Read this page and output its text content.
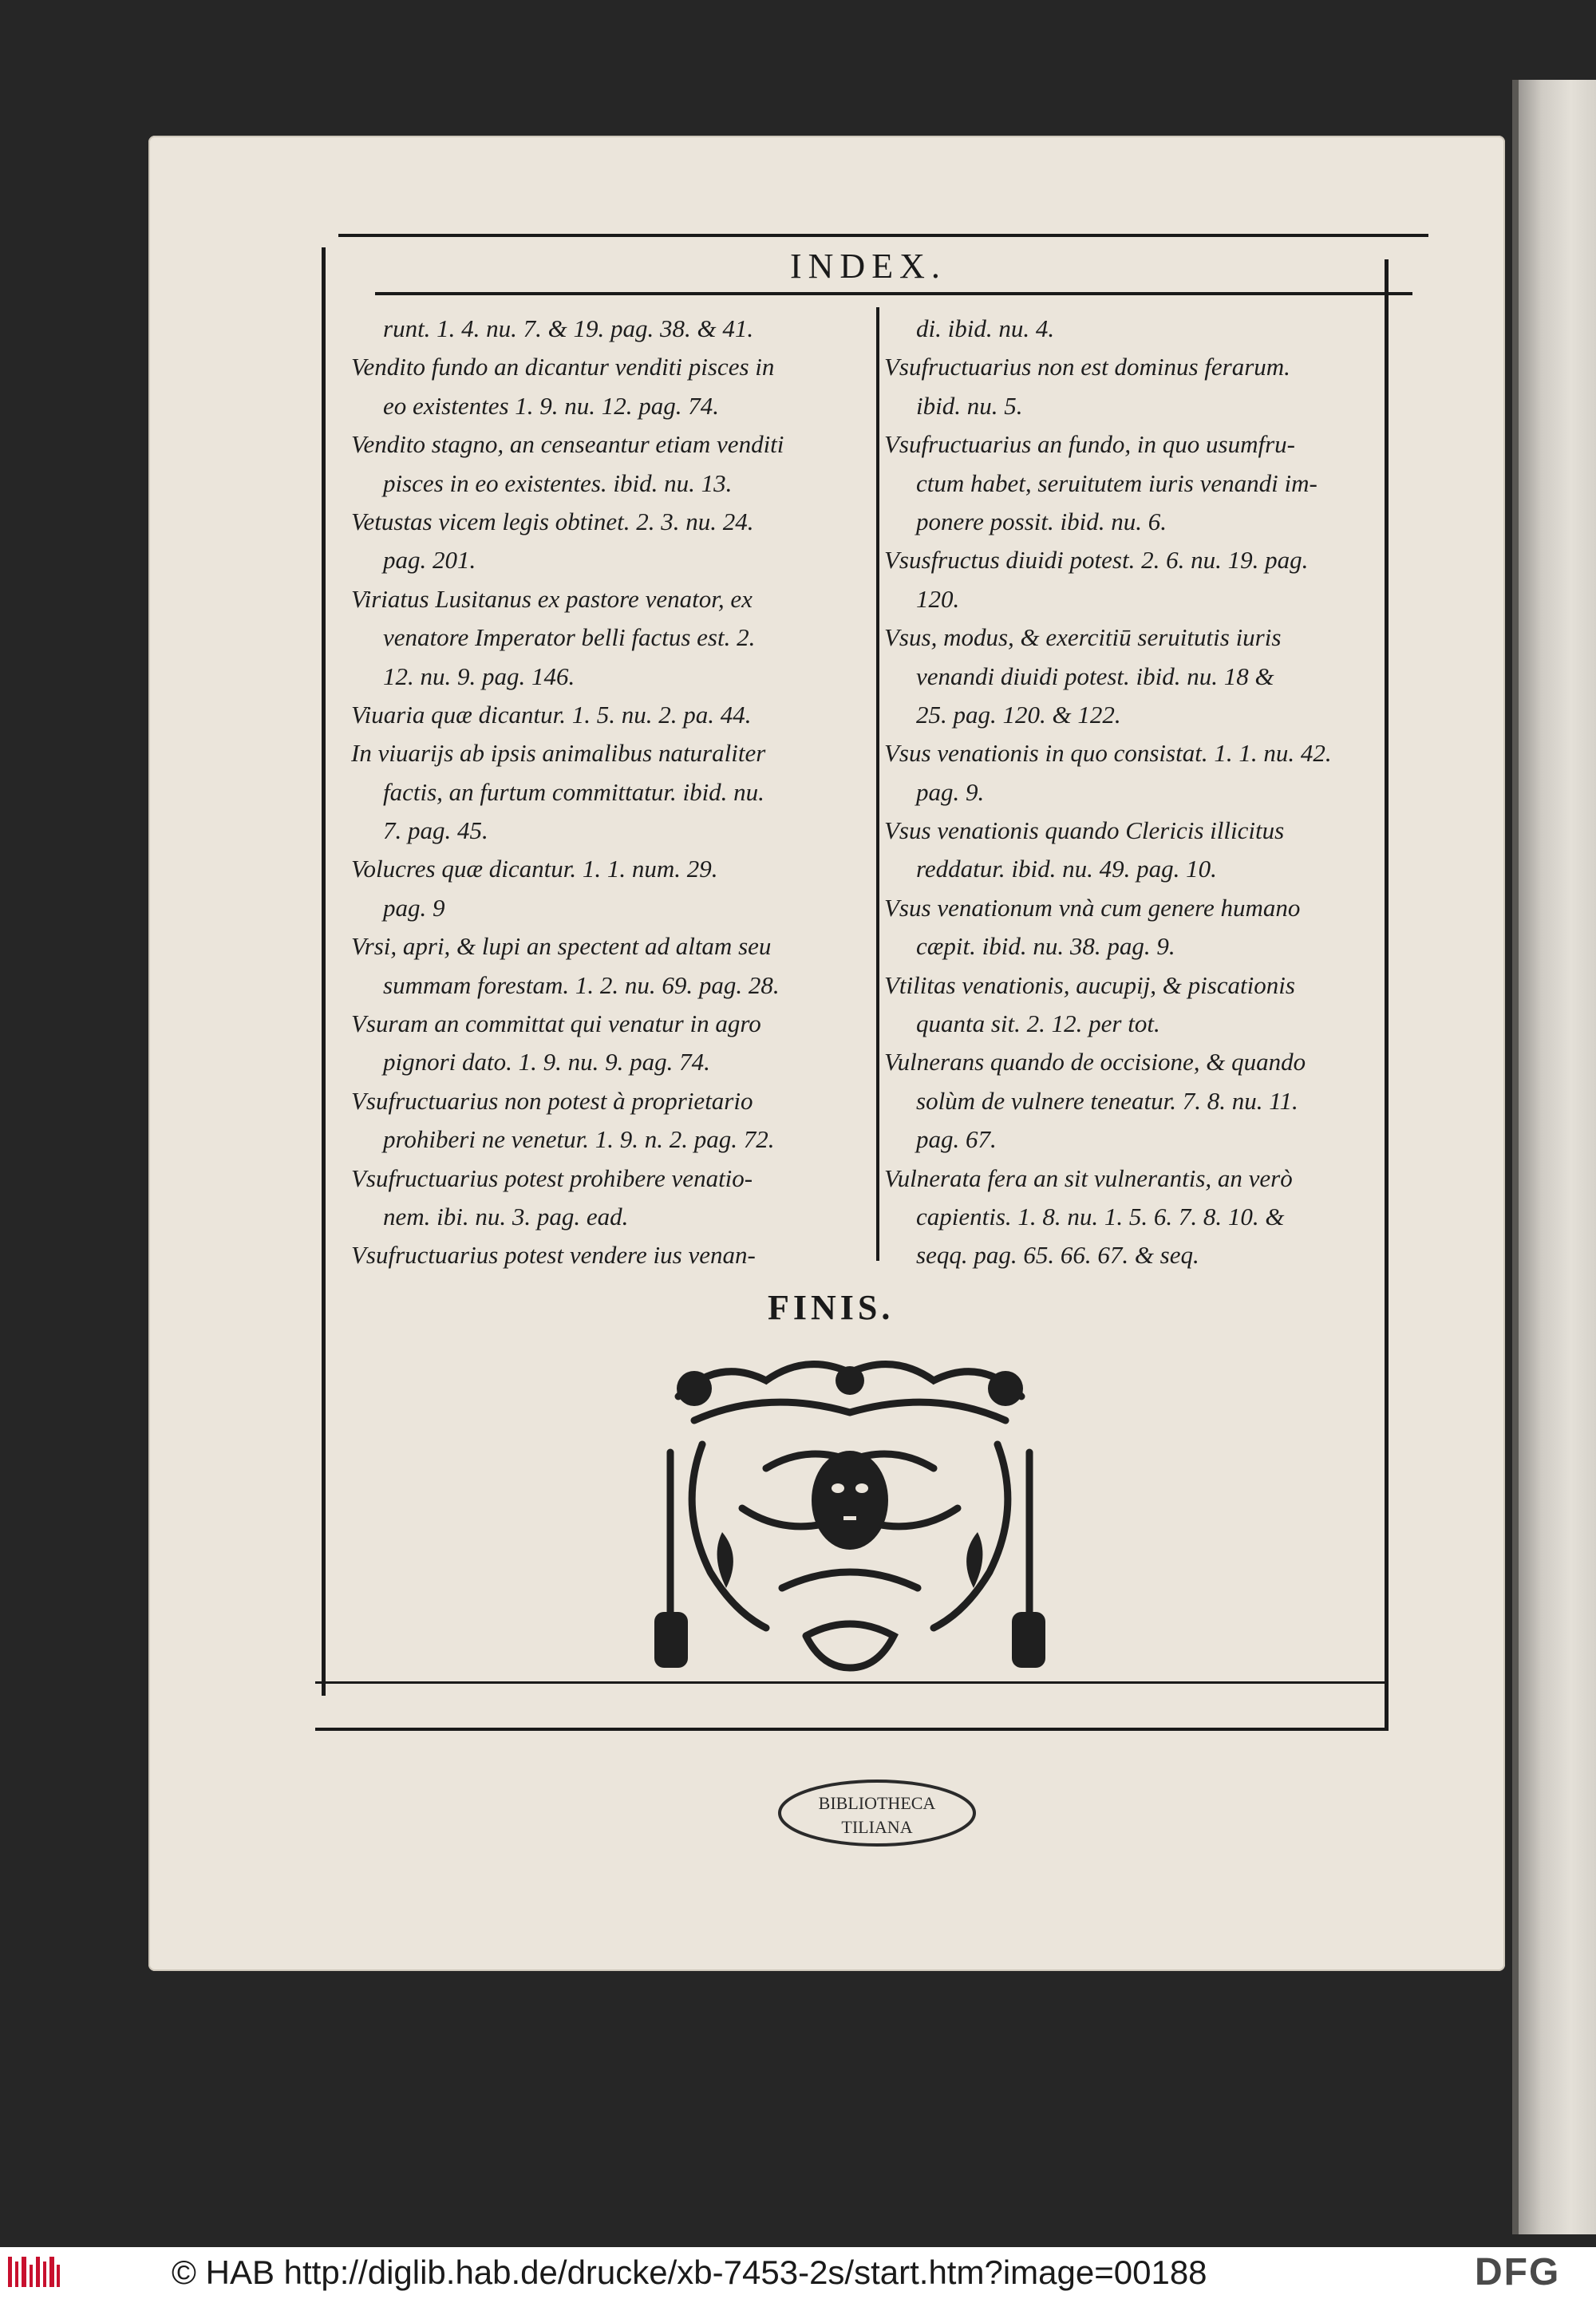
INDEX.
runt. 1. 4. nu. 7. & 19. pag. 38. & 41.
Vendito fundo an dicantur venditi pisces in
eo existentes 1. 9. nu. 12. pag. 74.
Vendito stagno, an censeantur etiam venditi
pisces in eo existentes. ibid. nu. 13.
Vetustas vicem legis obtinet. 2. 3. nu. 24.
pag. 201.
Viriatus Lusitanus ex pastore venator, ex
venatore Imperator belli factus est. 2.
12. nu. 9. pag. 146.
Viuaria quæ dicantur. 1. 5. nu. 2. pa. 44.
In viuarijs ab ipsis animalibus naturaliter
factis, an furtum committatur. ibid. nu.
7. pag. 45.
Volucres quæ dicantur. 1. 1. num. 29.
pag. 9
Vrsi, apri, & lupi an spectent ad altam seu
summam forestam. 1. 2. nu. 69. pag. 28.
Vsuram an committat qui venatur in agro
pignori dato. 1. 9. nu. 9. pag. 74.
Vsufructuarius non potest à proprietario
prohiberi ne venetur. 1. 9. n. 2. pag. 72.
Vsufructuarius potest prohibere venatio-
nem. ibi. nu. 3. pag. ead.
Vsufructuarius potest vendere ius venan-
di. ibid. nu. 4.
Vsufructuarius non est dominus ferarum.
ibid. nu. 5.
Vsufructuarius an fundo, in quo usumfru-
ctum habet, seruitutem iuris venandi im-
ponere possit. ibid. nu. 6.
Vsusfructus diuidi potest. 2. 6. nu. 19. pag.
120.
Vsus, modus, & exercitiū seruitutis iuris
venandi diuidi potest. ibid. nu. 18 &
25. pag. 120. & 122.
Vsus venationis in quo consistat. 1. 1. nu. 42.
pag. 9.
Vsus venationis quando Clericis illicitus
reddatur. ibid. nu. 49. pag. 10.
Vsus venationum vnà cum genere humano
cæpit. ibid. nu. 38. pag. 9.
Vtilitas venationis, aucupij, & piscationis
quanta sit. 2. 12. per tot.
Vulnerans quando de occisione, & quando
solùm de vulnere teneatur. 7. 8. nu. 11.
pag. 67.
Vulnerata fera an sit vulnerantis, an verò
capientis. 1. 8. nu. 1. 5. 6. 7. 8. 10. &
seqq. pag. 65. 66. 67. & seq.
FINIS.
BIBLIOTHECA
TILIANA
© HAB http://diglib.hab.de/drucke/xb-7453-2s/start.htm?image=00188	DFG
